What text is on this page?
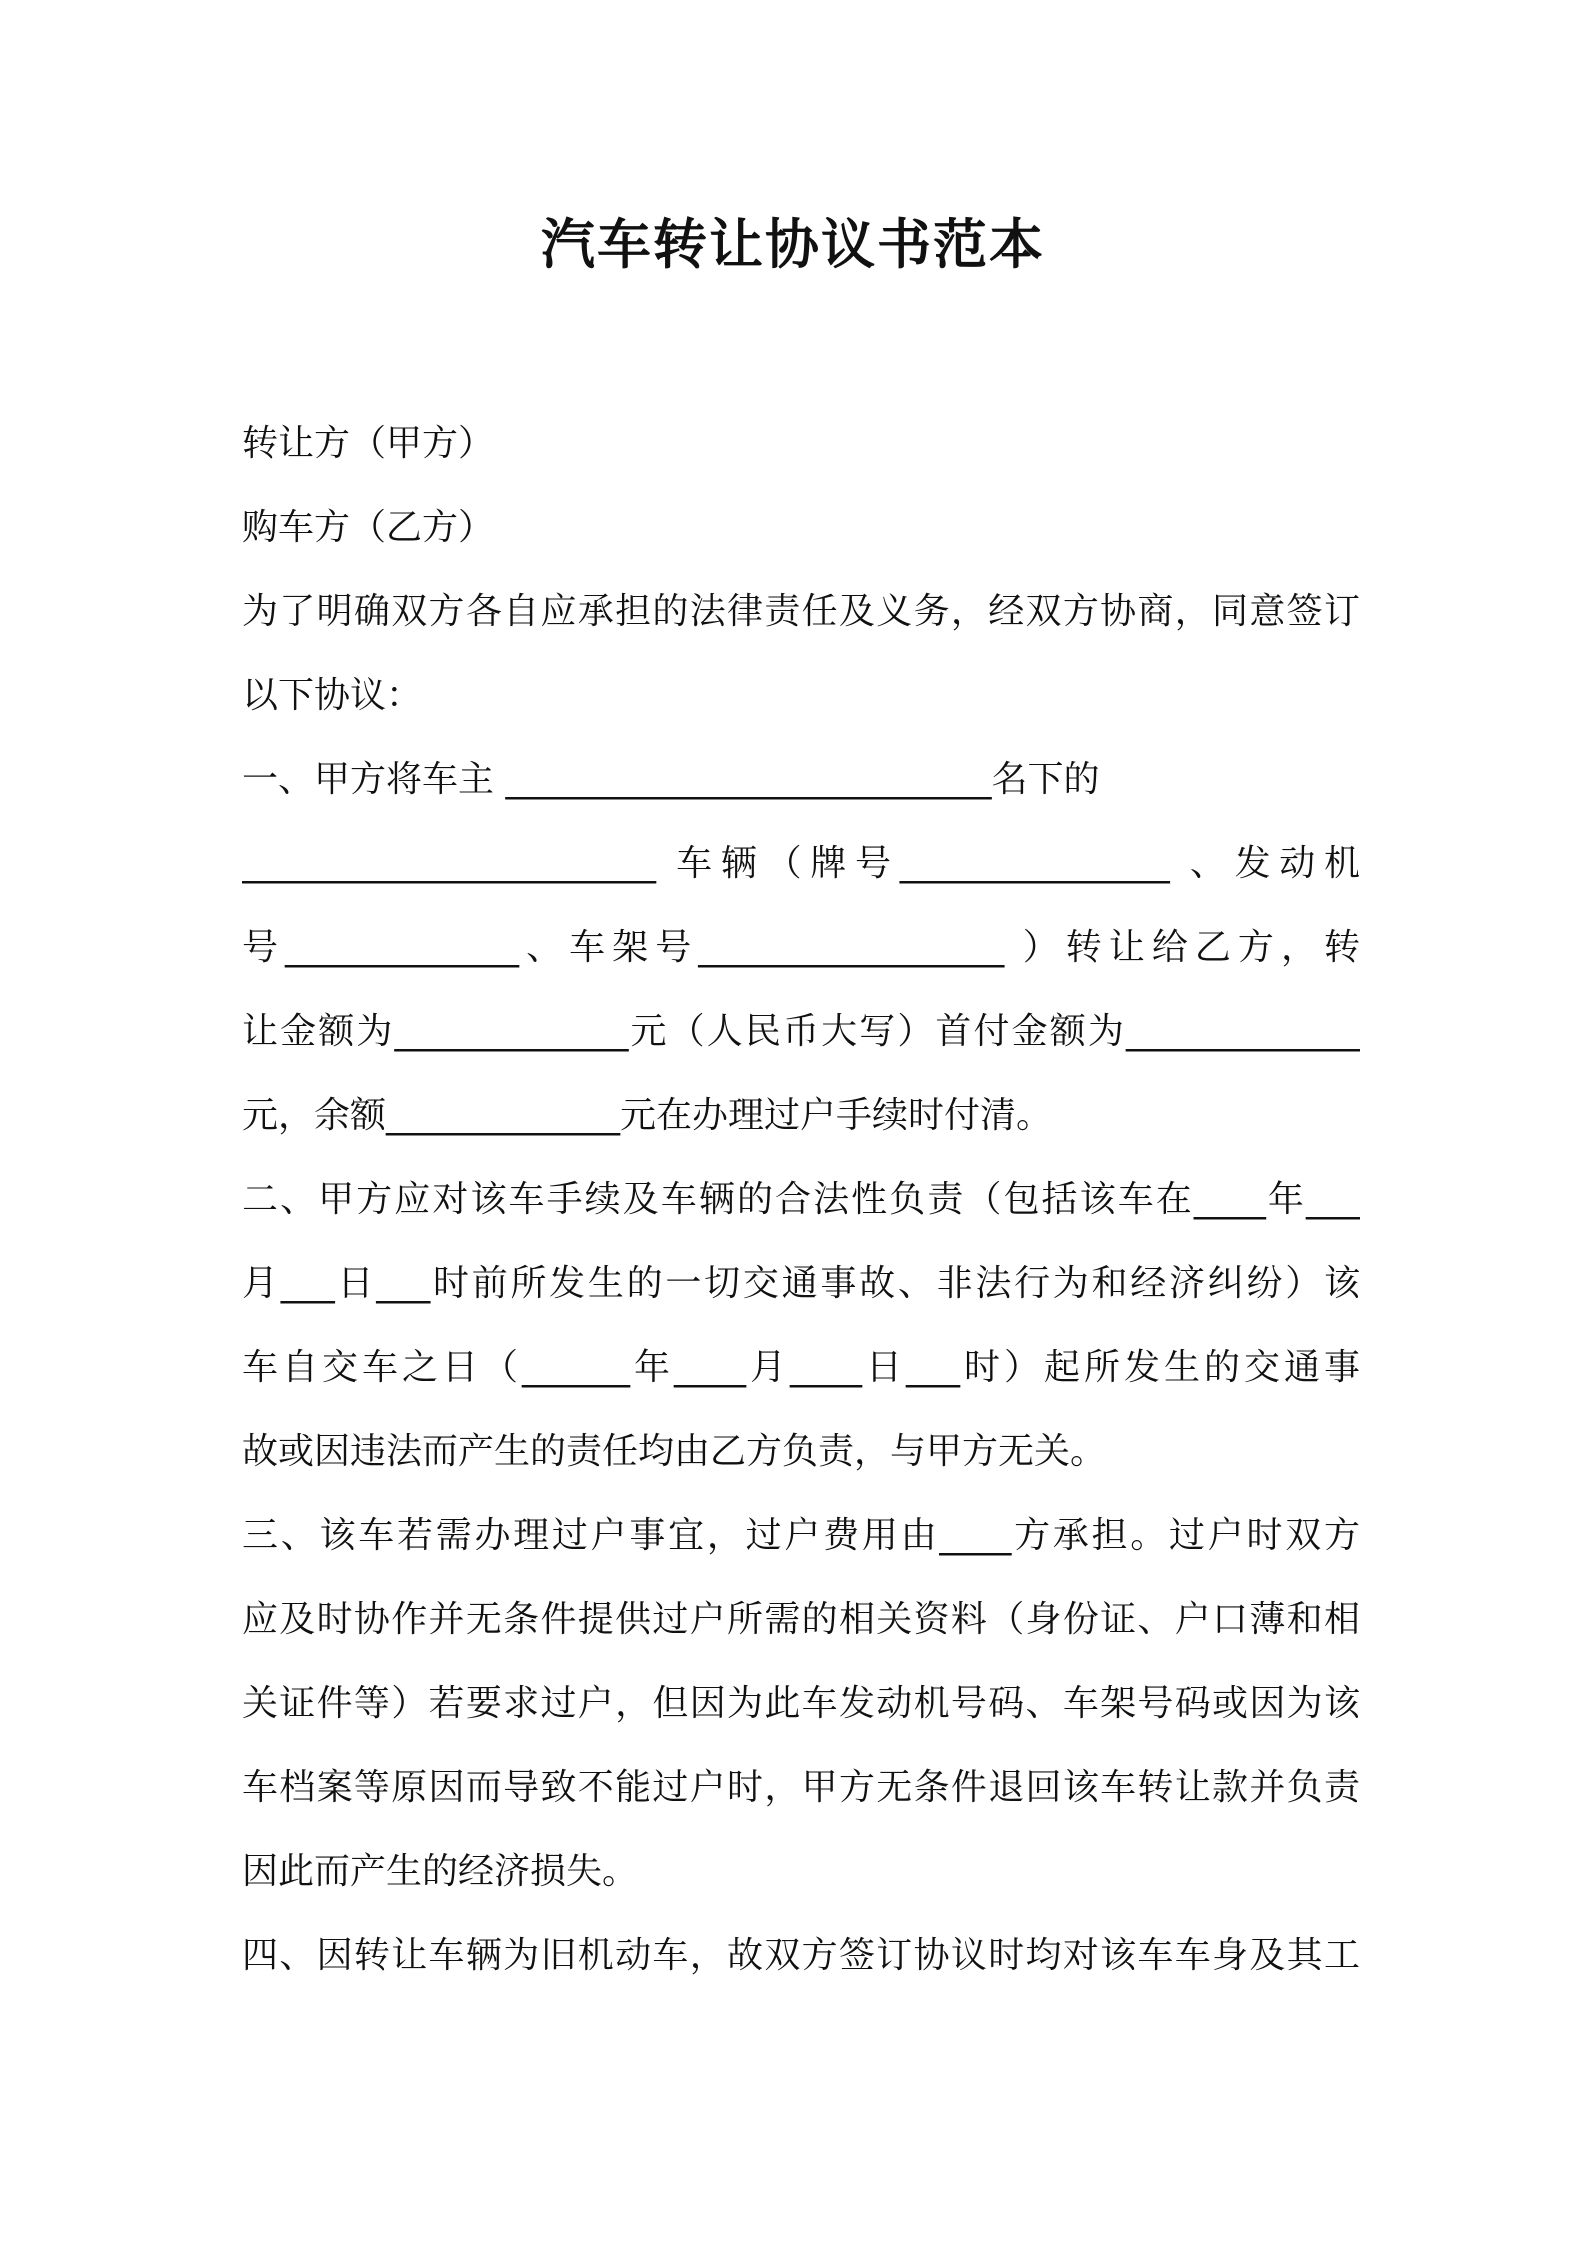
汽车转让协议书范本
转让方（甲方）
购车方（乙方）
为了明确双方各自应承担的法律责任及义务，经双方协商，同意签订
以下协议：
一、甲方将车主 ___________________________名下的
_______________________ 车辆（牌号_______________ 、发动机
号_____________、车架号_________________ ）转让给乙方，转
让金额为_____________元（人民币大写）首付金额为_____________
元，余额_____________元在办理过户手续时付清。
二、甲方应对该车手续及车辆的合法性负责（包括该车在____年___
月___日___时前所发生的一切交通事故、非法行为和经济纠纷）该
车自交车之日（______年____月____日___时）起所发生的交通事
故或因违法而产生的责任均由乙方负责，与甲方无关。
三、该车若需办理过户事宜，过户费用由____方承担。过户时双方
应及时协作并无条件提供过户所需的相关资料（身份证、户口薄和相
关证件等）若要求过户，但因为此车发动机号码、车架号码或因为该
车档案等原因而导致不能过户时，甲方无条件退回该车转让款并负责
因此而产生的经济损失。
四、因转让车辆为旧机动车，故双方签订协议时均对该车车身及其工
